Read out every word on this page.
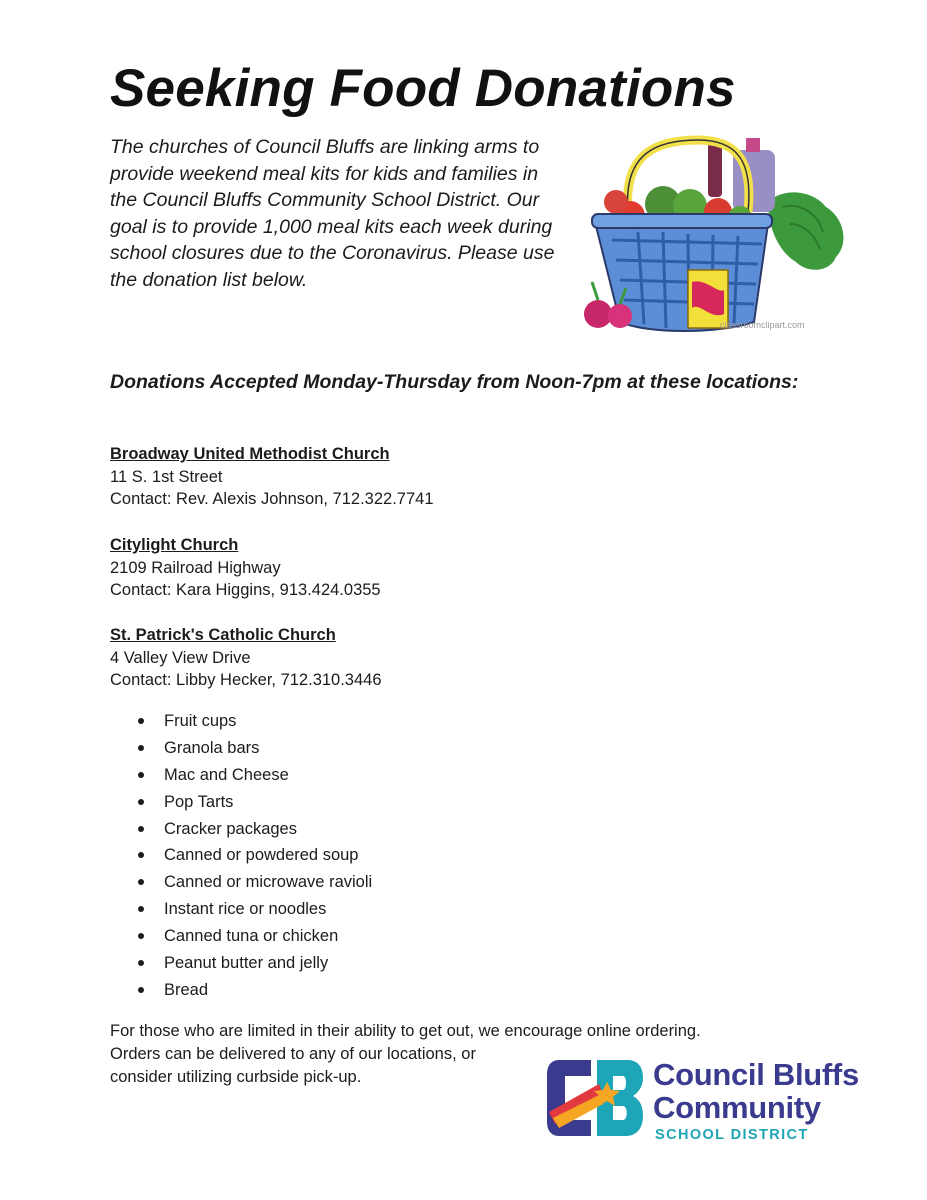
Seeking Food Donations

The churches of Council Bluffs are linking arms to provide weekend meal kits for kids and families in the Council Bluffs Community School District. Our goal is to provide 1,000 meal kits each week during school closures due to the Coronavirus. Please use the donation list below.

classroomclipart.com

Donations Accepted Monday-Thursday from Noon-7pm at these locations:

Broadway United Methodist Church
11 S. 1st Street
Contact: Rev. Alexis Johnson, 712.322.7741
Citylight Church
2109 Railroad Highway
Contact: Kara Higgins, 913.424.0355
St. Patrick's Catholic Church
4 Valley View Drive
Contact: Libby Hecker, 712.310.3446
Fruit cups
Granola bars
Mac and Cheese
Pop Tarts
Cracker packages
Canned or powdered soup
Canned or microwave ravioli
Instant rice or noodles
Canned tuna or chicken
Peanut butter and jelly
Bread

For those who are limited in their ability to get out, we encourage online ordering.
Orders can be delivered to any of our locations, or
consider utilizing curbside pick-up.

CB
Council Bluffs
Community
SCHOOL DISTRICT
